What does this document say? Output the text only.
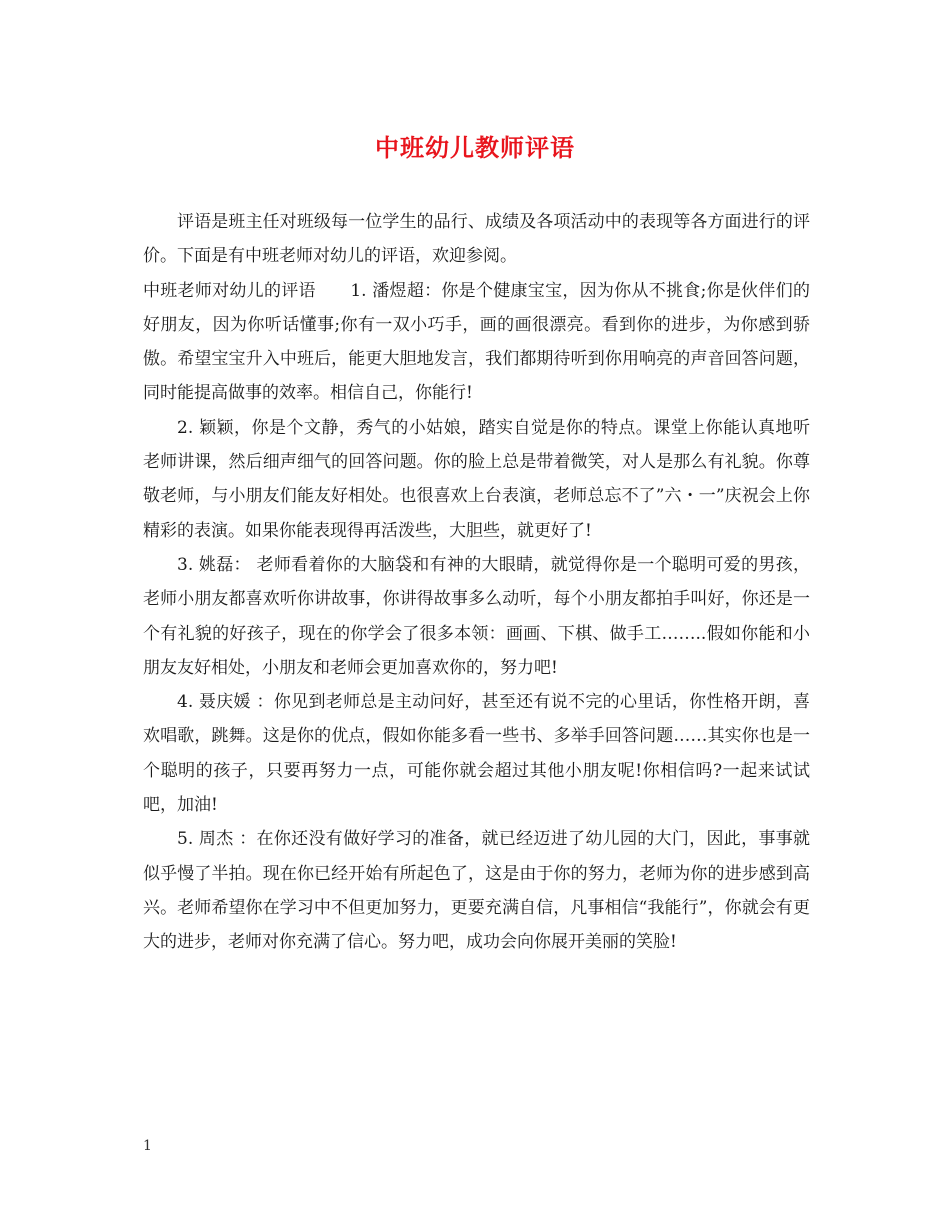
中班幼儿教师评语

评语是班主任对班级每一位学生的品行、成绩及各项活动中的表现等各方面进行的评价。下面是有中班老师对幼儿的评语，欢迎参阅。

中班老师对幼儿的评语　　1. 潘煜超：你是个健康宝宝，因为你从不挑食;你是伙伴们的好朋友，因为你听话懂事;你有一双小巧手，画的画很漂亮。看到你的进步，为你感到骄傲。希望宝宝升入中班后，能更大胆地发言，我们都期待听到你用响亮的声音回答问题，同时能提高做事的效率。相信自己，你能行!

2. 颖颖，你是个文静，秀气的小姑娘，踏实自觉是你的特点。课堂上你能认真地听老师讲课，然后细声细气的回答问题。你的脸上总是带着微笑，对人是那么有礼貌。你尊敬老师，与小朋友们能友好相处。也很喜欢上台表演，老师总忘不了”六・一”庆祝会上你精彩的表演。如果你能表现得再活泼些，大胆些，就更好了!

3. 姚磊： 老师看着你的大脑袋和有神的大眼睛，就觉得你是一个聪明可爱的男孩，老师小朋友都喜欢听你讲故事，你讲得故事多么动听，每个小朋友都拍手叫好，你还是一个有礼貌的好孩子，现在的你学会了很多本领：画画、下棋、做手工……..假如你能和小朋友友好相处，小朋友和老师会更加喜欢你的，努力吧!

4. 聂庆媛 ：你见到老师总是主动问好，甚至还有说不完的心里话，你性格开朗，喜欢唱歌，跳舞。这是你的优点，假如你能多看一些书、多举手回答问题……其实你也是一个聪明的孩子，只要再努力一点，可能你就会超过其他小朋友呢!你相信吗?一起来试试吧，加油!

5. 周杰 ：在你还没有做好学习的准备，就已经迈进了幼儿园的大门，因此，事事就似乎慢了半拍。现在你已经开始有所起色了，这是由于你的努力，老师为你的进步感到高兴。老师希望你在学习中不但更加努力，更要充满自信，凡事相信“我能行”，你就会有更大的进步，老师对你充满了信心。努力吧，成功会向你展开美丽的笑脸!

1
